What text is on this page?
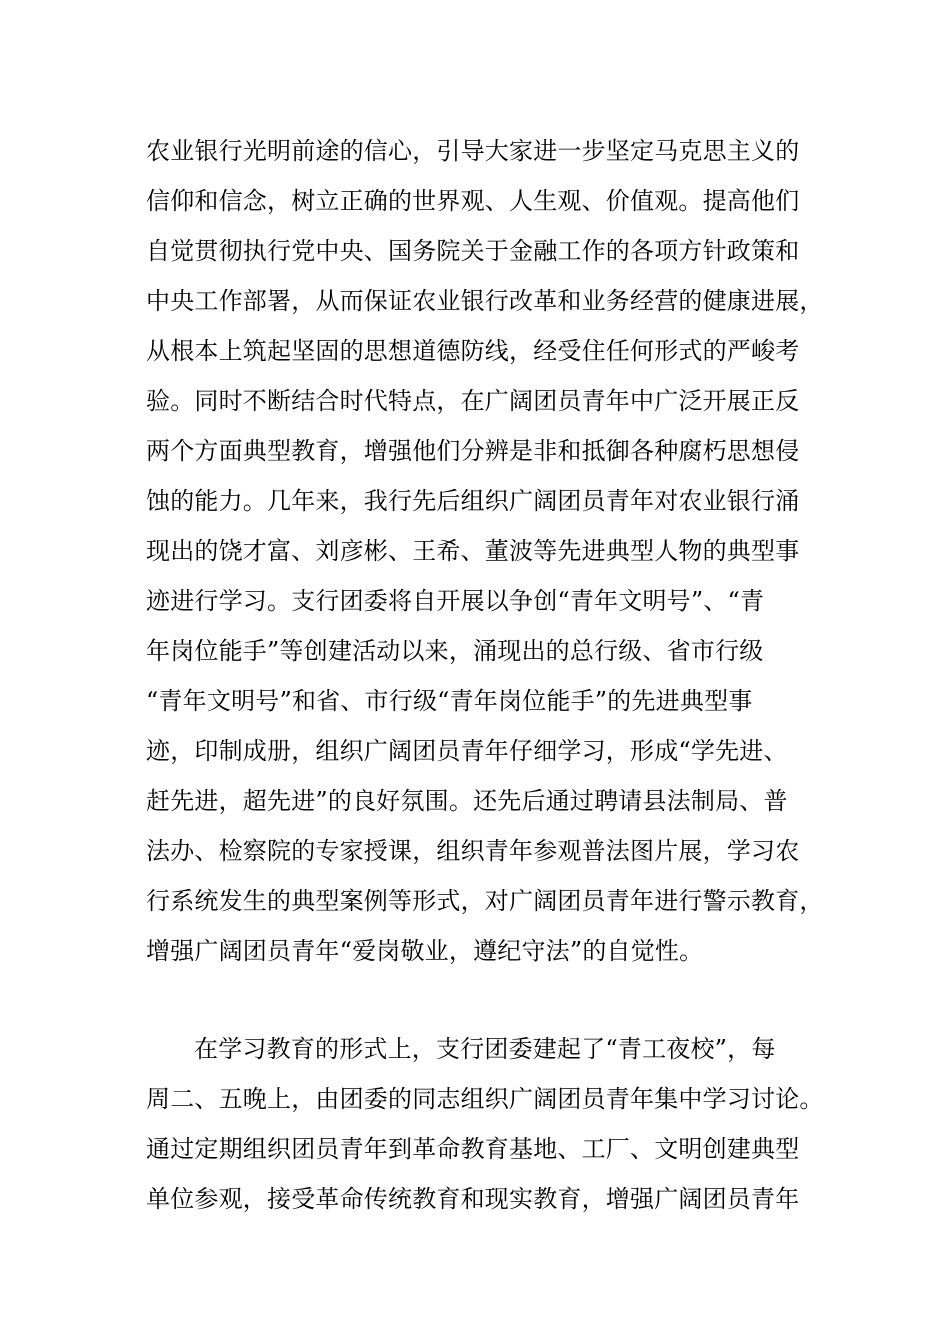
农业银行光明前途的信心，引导大家进一步坚定马克思主义的
信仰和信念，树立正确的世界观、人生观、价值观。提高他们
自觉贯彻执行党中央、国务院关于金融工作的各项方针政策和
中央工作部署，从而保证农业银行改革和业务经营的健康进展，
从根本上筑起坚固的思想道德防线，经受住任何形式的严峻考
验。同时不断结合时代特点，在广阔团员青年中广泛开展正反
两个方面典型教育，增强他们分辨是非和抵御各种腐朽思想侵
蚀的能力。几年来，我行先后组织广阔团员青年对农业银行涌
现出的饶才富、刘彦彬、王希、董波等先进典型人物的典型事
迹进行学习。支行团委将自开展以争创“青年文明号”、“青
年岗位能手”等创建活动以来，涌现出的总行级、省市行级
“青年文明号”和省、市行级“青年岗位能手”的先进典型事
迹，印制成册，组织广阔团员青年仔细学习，形成“学先进、
赶先进，超先进”的良好氛围。还先后通过聘请县法制局、普
法办、检察院的专家授课，组织青年参观普法图片展，学习农
行系统发生的典型案例等形式，对广阔团员青年进行警示教育，
增强广阔团员青年“爱岗敬业，遵纪守法”的自觉性。
在学习教育的形式上，支行团委建起了“青工夜校”，每
周二、五晚上，由团委的同志组织广阔团员青年集中学习讨论。
通过定期组织团员青年到革命教育基地、工厂、文明创建典型
单位参观，接受革命传统教育和现实教育，增强广阔团员青年
